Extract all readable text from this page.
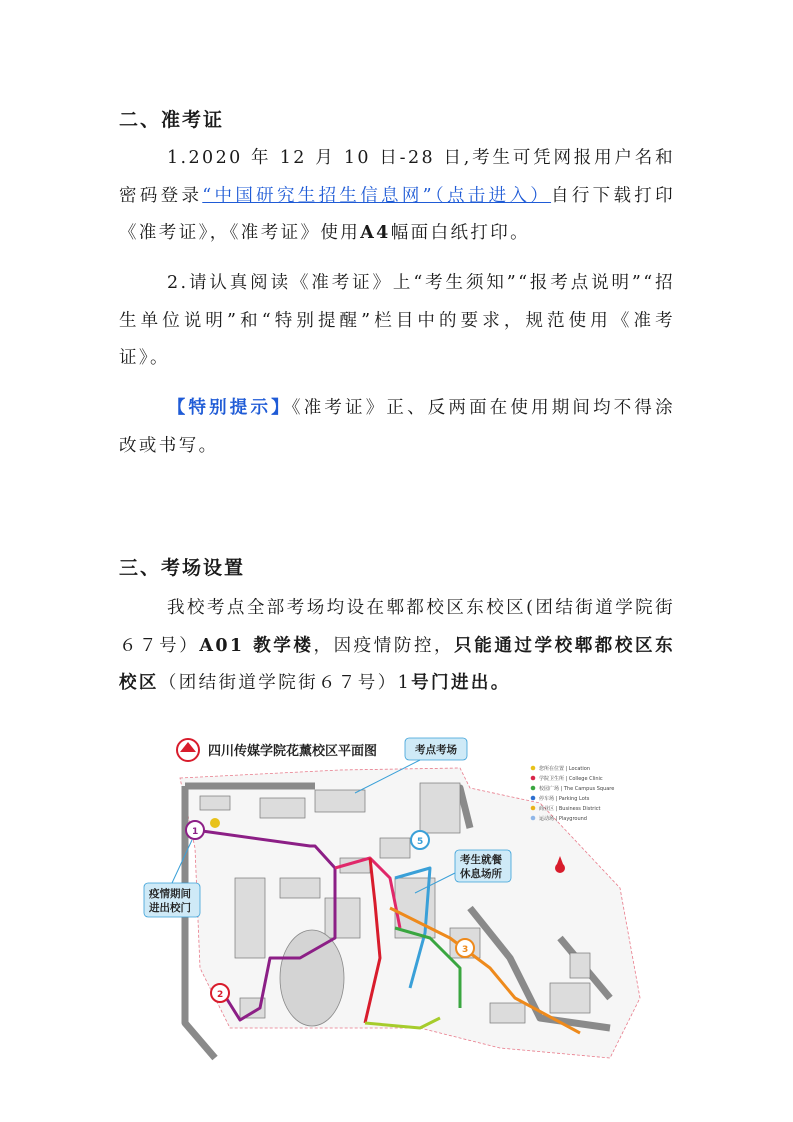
二、准考证
1.2020 年 12 月 10 日-28 日,考生可凭网报用户名和密码登录“中国研究生招生信息网”（点击进入）自行下载打印《准考证》，《准考证》使用A4幅面白纸打印。
2.请认真阅读《准考证》上“考生须知”“报考点说明”“招生单位说明”和“特别提醒”栏目中的要求，规范使用《准考证》。
【特别提示】《准考证》正、反两面在使用期间均不得涂改或书写。
三、考场设置
我校考点全部考场均设在郫都校区东校区(团结街道学院街６７号）A01 教学楼，因疫情防控，只能通过学校郫都校区东校区（团结街道学院街６７号）1号门进出。
1
2
3
5
四川传媒学院花薰校区平面图	考点考场
考生就餐
休息场所
疫情期间
进出校门
您所在位置 | Location
学院卫生所 | College Clinic
校园广场 | The Campus Square
停车场 | Parking Lots
商业区 | Business District
运动场 | Playground
